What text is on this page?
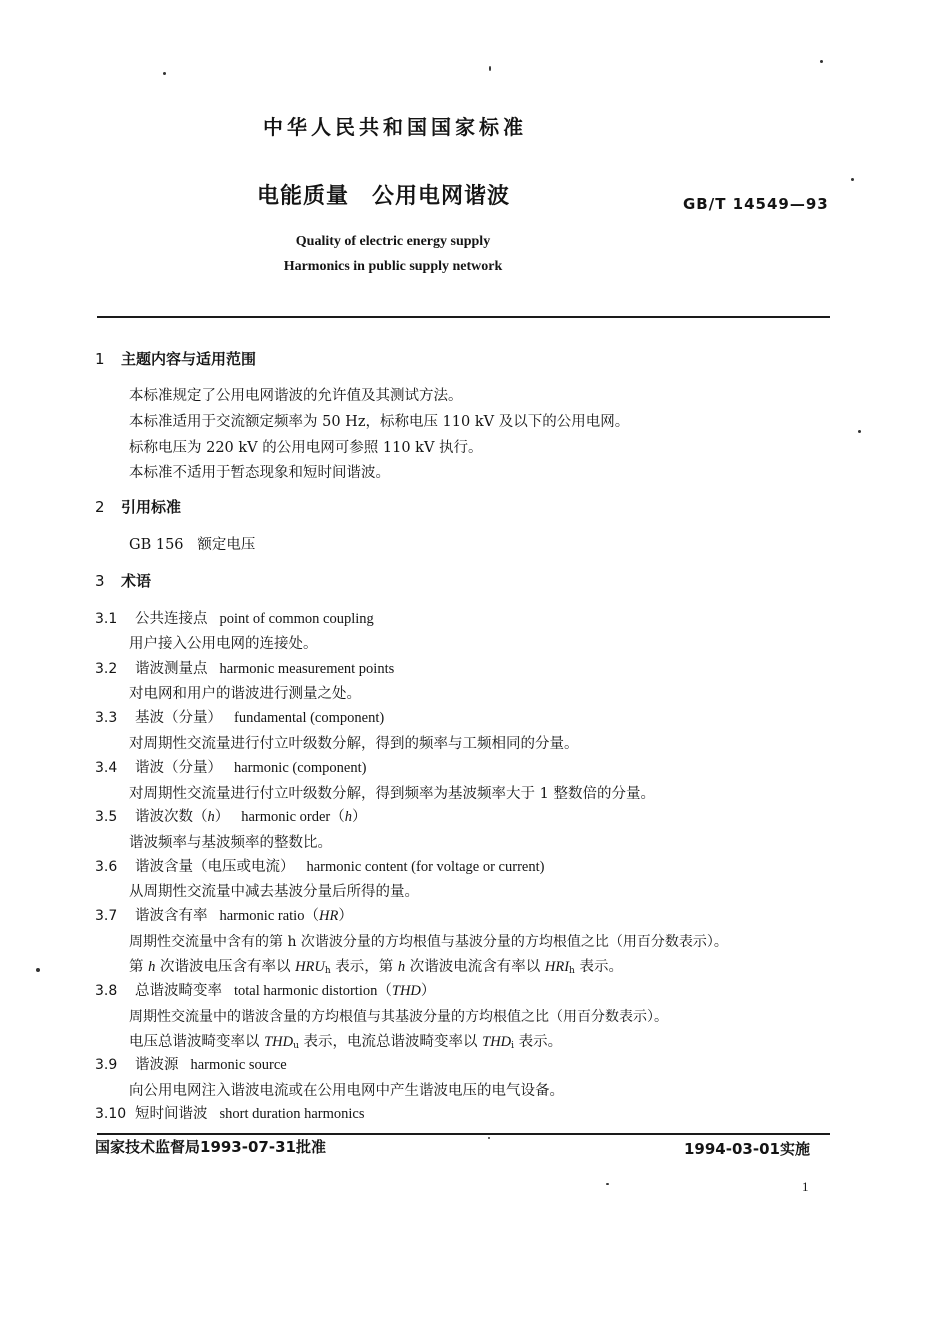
中华人民共和国国家标准
电能质量　公用电网谐波	GB/T 14549—93
Quality of electric energy supply
Harmonics in public supply network
1 主题内容与适用范围
本标准规定了公用电网谐波的允许值及其测试方法。
本标准适用于交流额定频率为 50 Hz，标称电压 110 kV 及以下的公用电网。
标称电压为 220 kV 的公用电网可参照 110 kV 执行。
本标准不适用于暂态现象和短时间谐波。
2 引用标准
GB 156 额定电压
3 术语
3.1 公共连接点 point of common coupling
用户接入公用电网的连接处。
3.2 谐波测量点 harmonic measurement points
对电网和用户的谐波进行测量之处。
3.3 基波（分量） fundamental (component)
对周期性交流量进行付立叶级数分解，得到的频率与工频相同的分量。
3.4 谐波（分量） harmonic (component)
对周期性交流量进行付立叶级数分解，得到频率为基波频率大于 1 整数倍的分量。
3.5 谐波次数（h） harmonic order（h）
谐波频率与基波频率的整数比。
3.6 谐波含量（电压或电流） harmonic content (for voltage or current)
从周期性交流量中减去基波分量后所得的量。
3.7 谐波含有率 harmonic ratio（HR）
周期性交流量中含有的第 h 次谐波分量的方均根值与基波分量的方均根值之比（用百分数表示）。
第 h 次谐波电压含有率以 $HRU_h$ 表示，第 h 次谐波电流含有率以 $HRI_h$ 表示。
3.8 总谐波畸变率 total harmonic distortion（THD）
周期性交流量中的谐波含量的方均根值与其基波分量的方均根值之比（用百分数表示）。
电压总谐波畸变率以 $THD_u$ 表示，电流总谐波畸变率以 $THD_i$ 表示。
3.9 谐波源 harmonic source
向公用电网注入谐波电流或在公用电网中产生谐波电压的电气设备。
3.10 短时间谐波 short duration harmonics
国家技术监督局1993-07-31批准	1994-03-01实施
1
